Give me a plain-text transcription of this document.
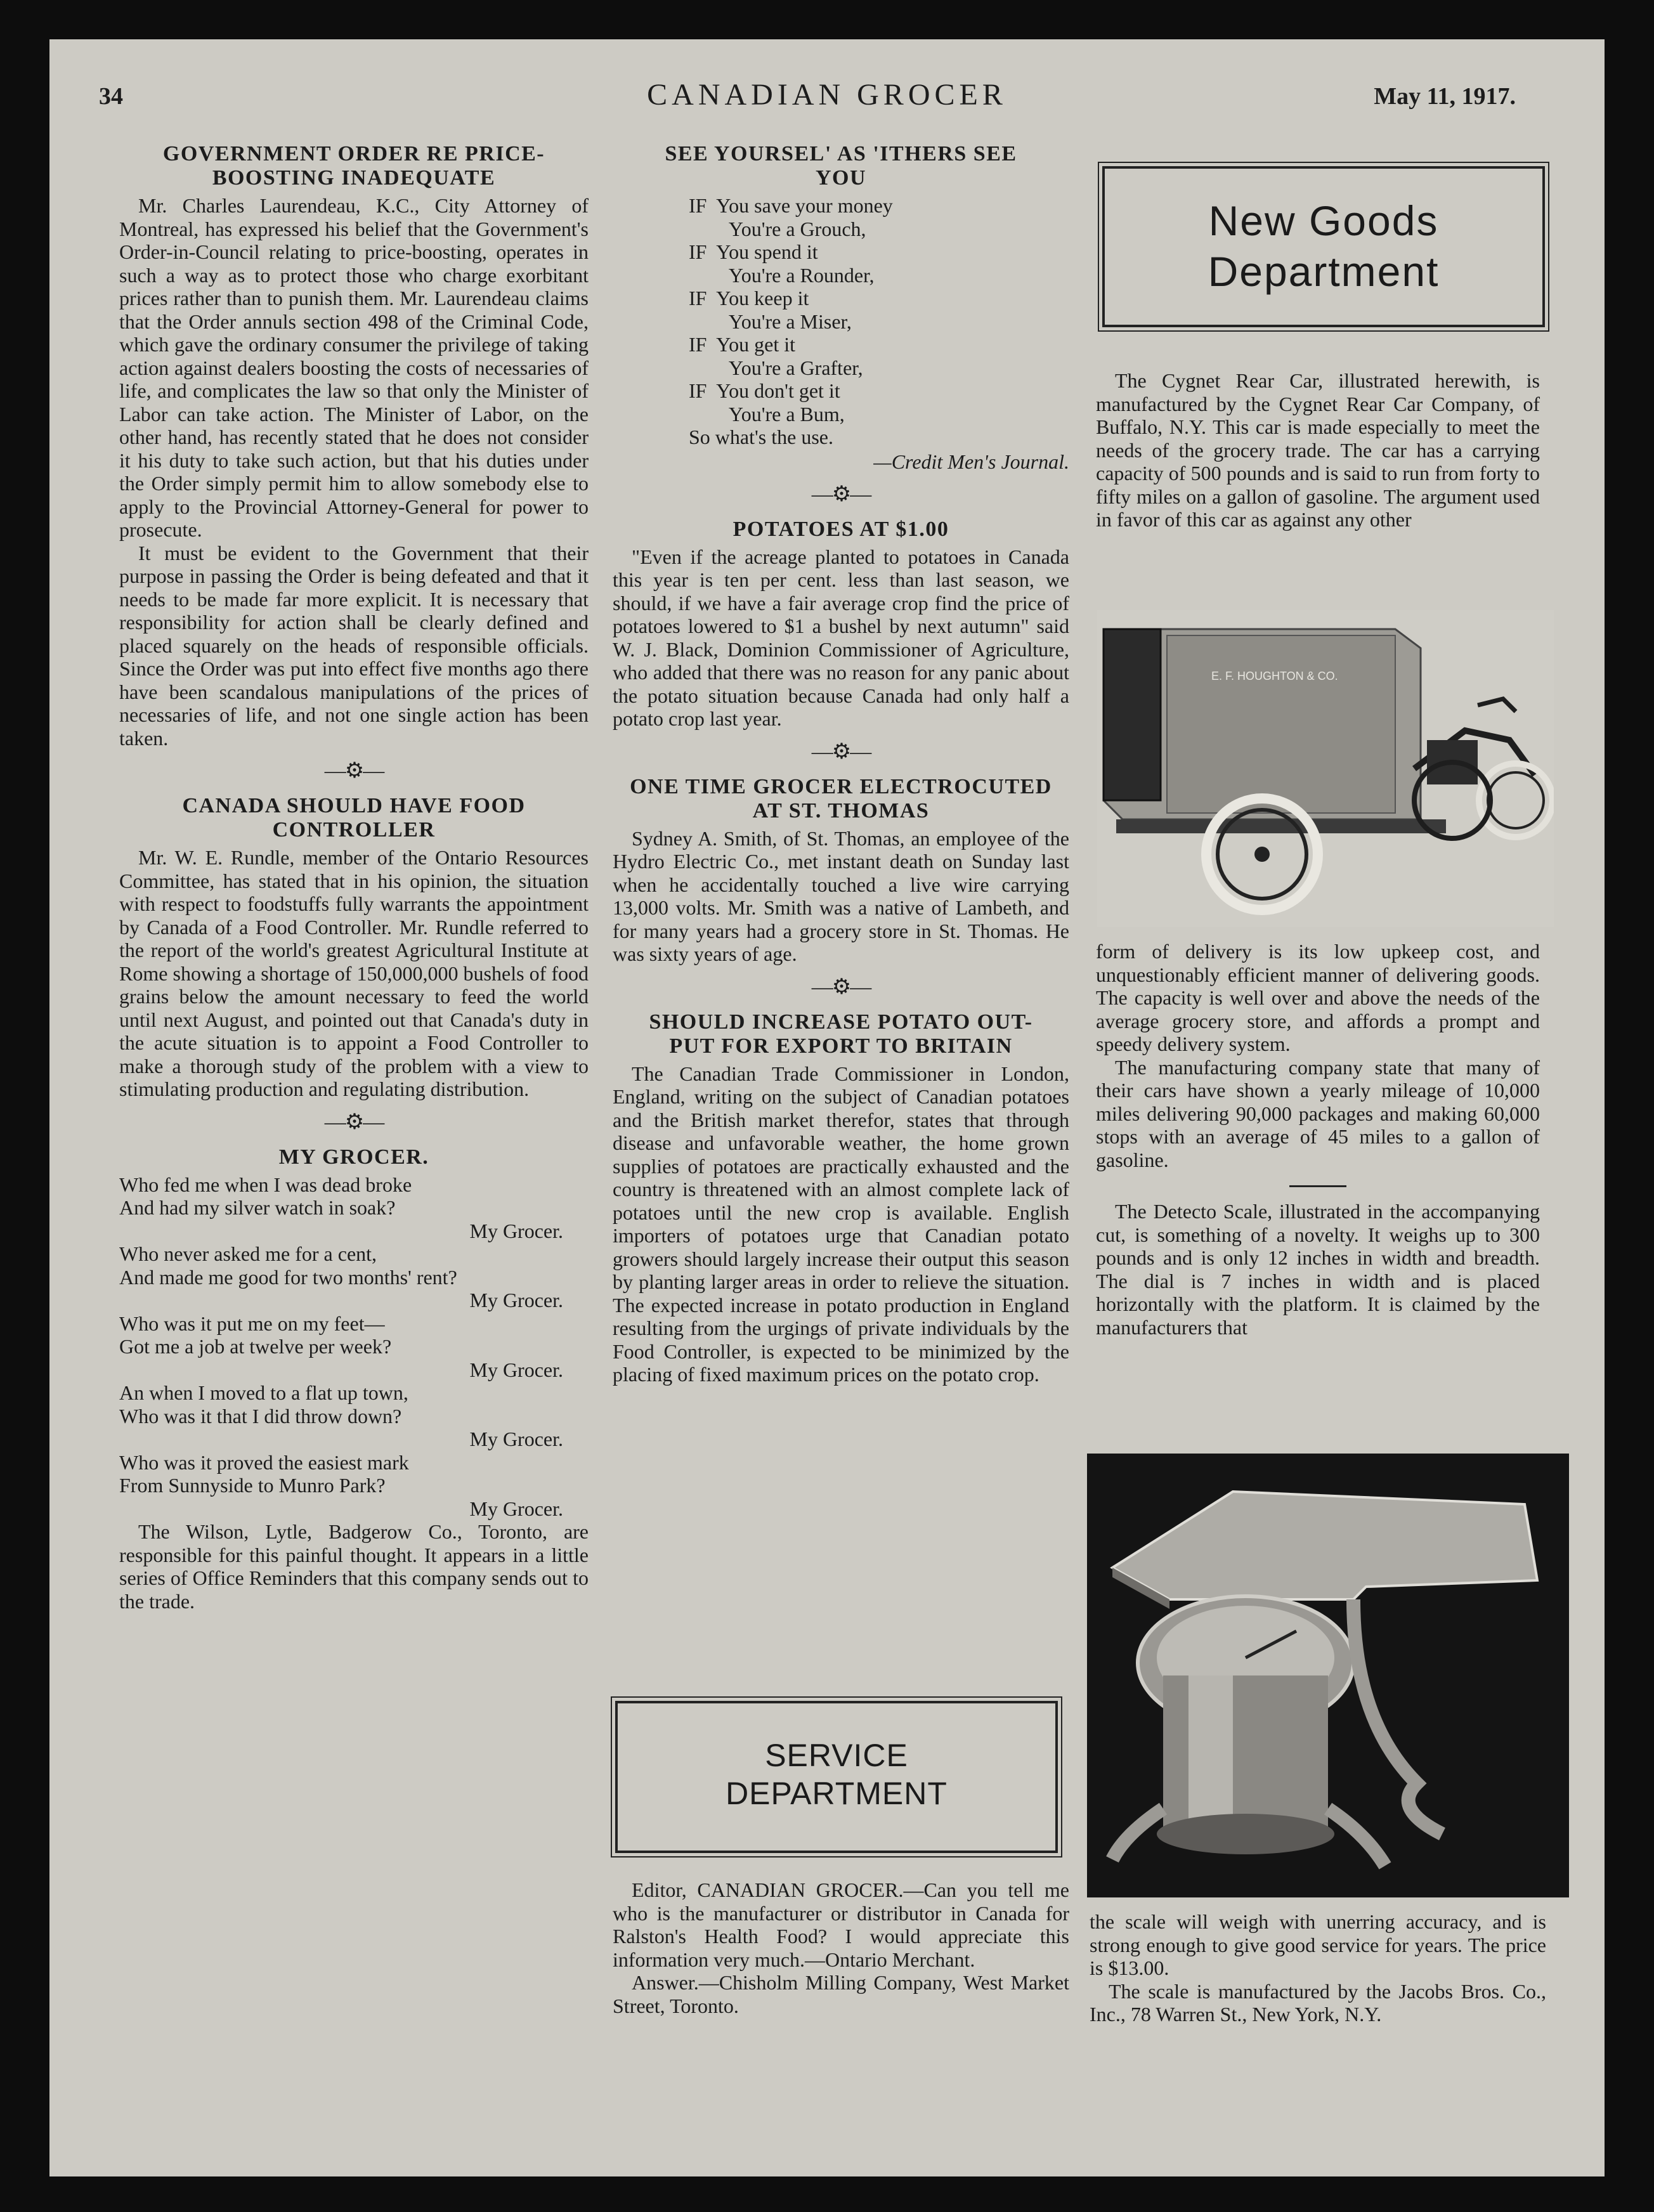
34	CANADIAN GROCER	May 11, 1917.
GOVERNMENT ORDER RE PRICE-
BOOSTING INADEQUATE

Mr. Charles Laurendeau, K.C., City Attorney of Montreal, has expressed his belief that the Government's Order-in-Council relating to price-boosting, operates in such a way as to protect those who charge exorbitant prices rather than to punish them. Mr. Laurendeau claims that the Order annuls section 498 of the Criminal Code, which gave the ordinary consumer the privilege of taking action against dealers boosting the costs of necessaries of life, and complicates the law so that only the Minister of Labor can take action. The Minister of Labor, on the other hand, has recently stated that he does not consider it his duty to take such action, but that his duties under the Order simply permit him to allow somebody else to apply to the Provincial Attorney-General for power to prosecute.

It must be evident to the Government that their purpose in passing the Order is being defeated and that it needs to be made far more explicit. It is necessary that responsibility for action shall be clearly defined and placed squarely on the heads of responsible officials. Since the Order was put into effect five months ago there have been scandalous manipulations of the prices of necessaries of life, and not one single action has been taken.

—⚙—
CANADA SHOULD HAVE FOOD
CONTROLLER

Mr. W. E. Rundle, member of the Ontario Resources Committee, has stated that in his opinion, the situation with respect to foodstuffs fully warrants the appointment by Canada of a Food Controller. Mr. Rundle referred to the report of the world's greatest Agricultural Institute at Rome showing a shortage of 150,000,000 bushels of food grains below the amount necessary to feed the world until next August, and pointed out that Canada's duty in the acute situation is to appoint a Food Controller to make a thorough study of the problem with a view to stimulating production and regulating distribution.

—⚙—
MY GROCER.
Who fed me when I was dead broke
And had my silver watch in soak?
My Grocer.
Who never asked me for a cent,
And made me good for two months' rent?
My Grocer.
Who was it put me on my feet—
Got me a job at twelve per week?
My Grocer.
An when I moved to a flat up town,
Who was it that I did throw down?
My Grocer.
Who was it proved the easiest mark
From Sunnyside to Munro Park?
My Grocer.

The Wilson, Lytle, Badgerow Co., Toronto, are responsible for this painful thought. It appears in a little series of Office Reminders that this company sends out to the trade.

SEE YOURSEL' AS 'ITHERS SEE
YOU
IF  You save your money
You're a Grouch,
IF  You spend it
You're a Rounder,
IF  You keep it
You're a Miser,
IF  You get it
You're a Grafter,
IF  You don't get it
You're a Bum,
So what's the use.
—Credit Men's Journal.
—⚙—
POTATOES AT $1.00

"Even if the acreage planted to potatoes in Canada this year is ten per cent. less than last season, we should, if we have a fair average crop find the price of potatoes lowered to $1 a bushel by next autumn" said W. J. Black, Dominion Commissioner of Agriculture, who added that there was no reason for any panic about the potato situation because Canada had only half a potato crop last year.

—⚙—
ONE TIME GROCER ELECTROCUTED
AT ST. THOMAS

Sydney A. Smith, of St. Thomas, an employee of the Hydro Electric Co., met instant death on Sunday last when he accidentally touched a live wire carrying 13,000 volts. Mr. Smith was a native of Lambeth, and for many years had a grocery store in St. Thomas. He was sixty years of age.

—⚙—
SHOULD INCREASE POTATO OUT-
PUT FOR EXPORT TO BRITAIN

The Canadian Trade Commissioner in London, England, writing on the subject of Canadian potatoes and the British market therefor, states that through disease and unfavorable weather, the home grown supplies of potatoes are practically exhausted and the country is threatened with an almost complete lack of potatoes until the new crop is available. English importers of potatoes urge that Canadian potato growers should largely increase their output this season by planting larger areas in order to relieve the situation. The expected increase in potato production in England resulting from the urgings of private individuals by the Food Controller, is expected to be minimized by the placing of fixed maximum prices on the potato crop.

SERVICE
DEPARTMENT

Editor, CANADIAN GROCER.—Can you tell me who is the manufacturer or distributor in Canada for Ralston's Health Food? I would appreciate this information very much.—Ontario Merchant.

Answer.—Chisholm Milling Company, West Market Street, Toronto.

New Goods
Department

The Cygnet Rear Car, illustrated herewith, is manufactured by the Cygnet Rear Car Company, of Buffalo, N.Y. This car is made especially to meet the needs of the grocery trade. The car has a carrying capacity of 500 pounds and is said to run from forty to fifty miles on a gallon of gasoline. The argument used in favor of this car as against any other

E. F. HOUGHTON & CO.

form of delivery is its low upkeep cost, and unquestionably efficient manner of delivering goods. The capacity is well over and above the needs of the average grocery store, and affords a prompt and speedy delivery system.

The manufacturing company state that many of their cars have shown a yearly mileage of 10,000 miles delivering 90,000 packages and making 60,000 stops with an average of 45 miles to a gallon of gasoline.

The Detecto Scale, illustrated in the accompanying cut, is something of a novelty. It weighs up to 300 pounds and is only 12 inches in width and breadth. The dial is 7 inches in width and is placed horizontally with the platform. It is claimed by the manufacturers that

the scale will weigh with unerring accuracy, and is strong enough to give good service for years. The price is $13.00.

The scale is manufactured by the Jacobs Bros. Co., Inc., 78 Warren St., New York, N.Y.
